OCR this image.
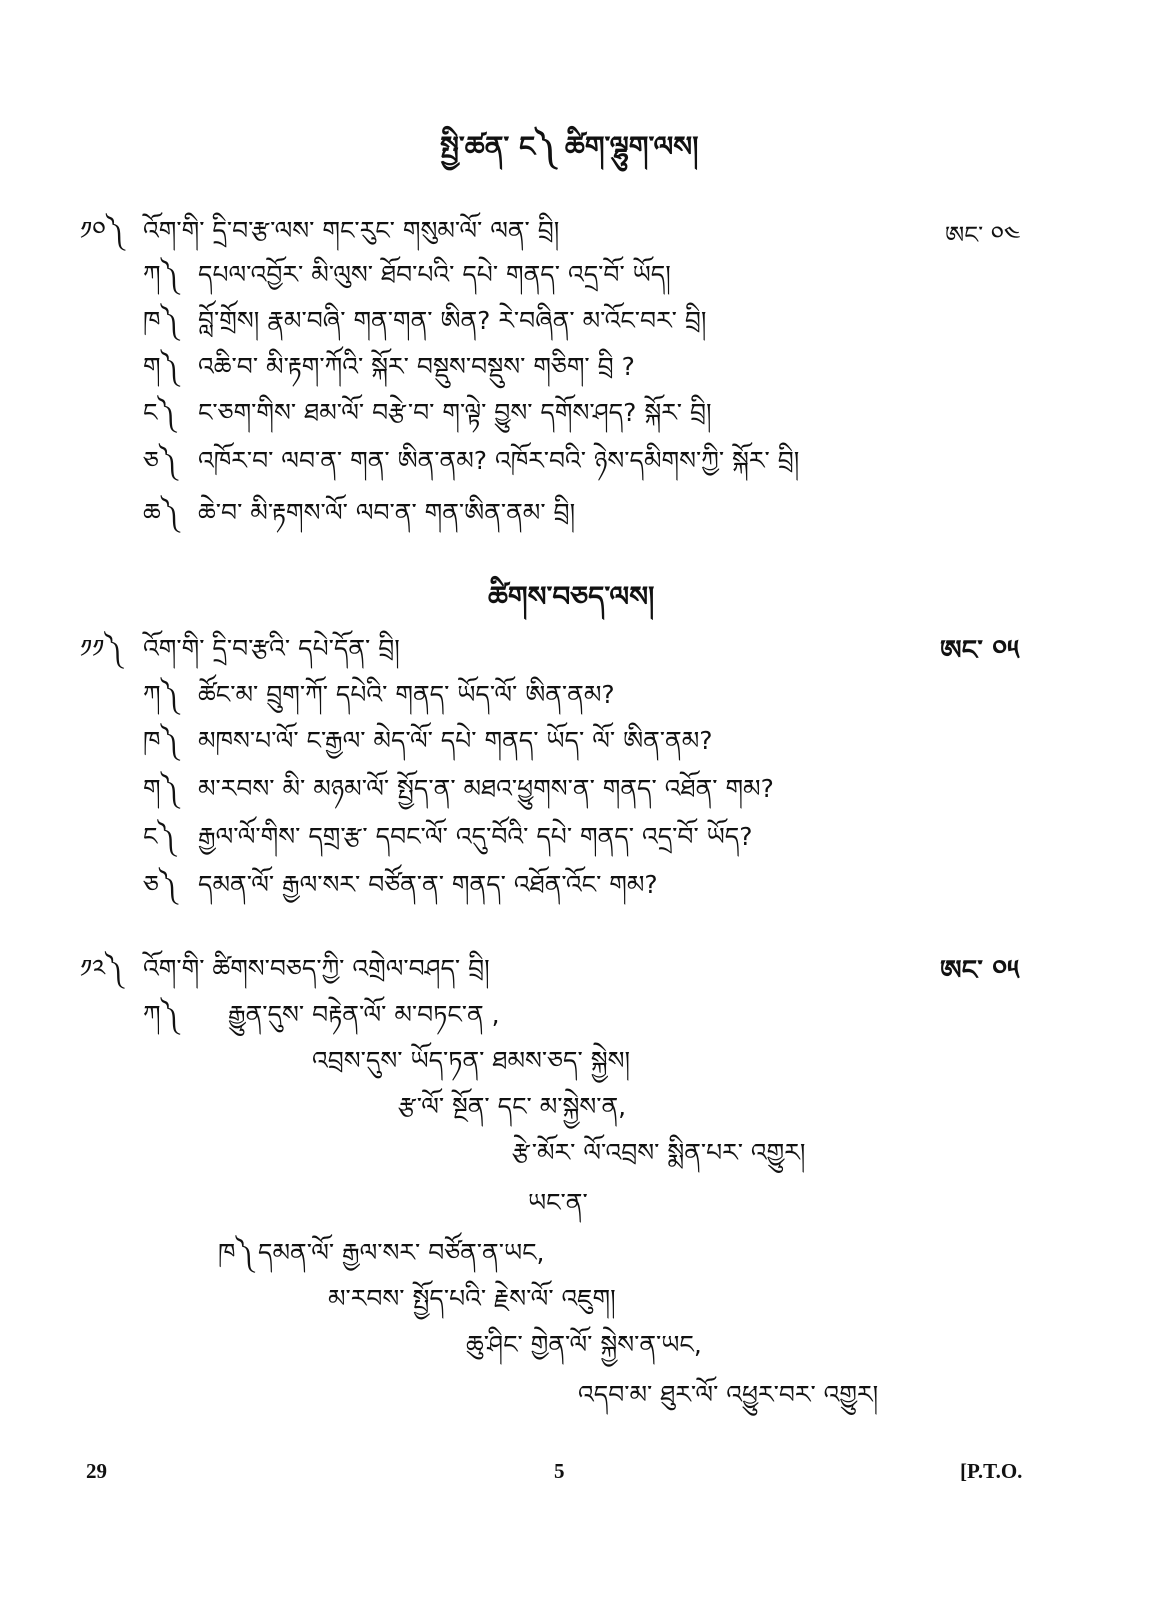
སྤྱི་ཚན་ ང༽ ཚིག་ལྷུག་ལས།
༡༠༽ འོག་གི་ དྲི་བ་རྩ་ལས་ གང་རུང་ གསུམ་ལོ་ ལན་ བྲི།	ཨང་ ༠༤
ཀ༽ དཔལ་འབྱོར་ མི་ལུས་ ཐོབ་པའི་ དཔེ་ གནད་ འདྲ་བོ་ ཡོད།
ཁ༽ བློ་གྲོས། རྣམ་བཞི་ གན་གན་ ཨིན? རེ་བཞིན་ མ་འོང་བར་ བྲི།
ག༽ འཆི་བ་ མི་རྟག་ཀོའི་ སྐོར་ བསྡུས་བསྡུས་ གཅིག་ བྲི ?
ང༽ ང་ཅག་གིས་ ཐམ་ལོ་ བརྩེ་བ་ ག་ལྟེ་ བྱུས་ དགོས་ཤད? སྐོར་ བྲི།
ཅ༽ འཁོར་བ་ ལབ་ན་ གན་ ཨིན་ནམ? འཁོར་བའི་ ཉེས་དམིགས་ཀྱི་ སྐོར་ བྲི།
ཆ༽ ཆེ་བ་ མི་རྟགས་ལོ་ ལབ་ན་ གན་ཨིན་ནམ་ བྲི།
ཚིགས་བཅད་ལས།
༡༡༽ འོག་གི་ དྲི་བ་རྩའི་ དཔེ་དོན་ བྲི།	ཨང་ ༠༥
ཀ༽ ཚོང་མ་ བྲུག་ཀོ་ དཔེའི་ གནད་ ཡོད་ལོ་ ཨིན་ནམ?
ཁ༽ མཁས་པ་ལོ་ ང་རྒྱལ་ མེད་ལོ་ དཔེ་ གནད་ ཡོད་ ལོ་ ཨིན་ནམ?
ག༽ མ་རབས་ མི་ མཉམ་ལོ་ སྤྱོད་ན་ མཐའ་ཕྱུགས་ན་ གནད་ འཐོན་ གམ?
ང༽ རྒྱལ་ལོ་གིས་ དགྲ་རྩ་ དབང་ལོ་ འདུ་བོའི་ དཔེ་ གནད་ འདྲ་བོ་ ཡོད?
ཅ༽ དམན་ལོ་ རྒྱལ་སར་ བཙོན་ན་ གནད་ འཐོན་འོང་ གམ?
༡༢༽ འོག་གི་ ཚིགས་བཅད་ཀྱི་ འགྲེལ་བཤད་ བྲི།	ཨང་ ༠༥
ཀ༽ རྒྱུན་དུས་ བརྟེན་ལོ་ མ་བཏང་ན ,
འབྲས་དུས་ ཡོད་ཏན་ ཐམས་ཅད་ སྐྱེས།
རྩ་ལོ་ སྔོན་ དང་ མ་སྐྱེས་ན,
རྩེ་མོར་ ལོ་འབྲས་ སྨིན་པར་ འགྱུར།
ཡང་ན་
ཁ༽ དམན་ལོ་ རྒྱལ་སར་ བཙོན་ན་ཡང,
མ་རབས་ སྤྱོད་པའི་ རྗེས་ལོ་ འཇུག།
ཆུ་ཤིང་ གྱེན་ལོ་ སྐྱེས་ན་ཡང,
འདབ་མ་ ཐུར་ལོ་ འཕྱུར་བར་ འགྱུར།
29	5	[P.T.O.
